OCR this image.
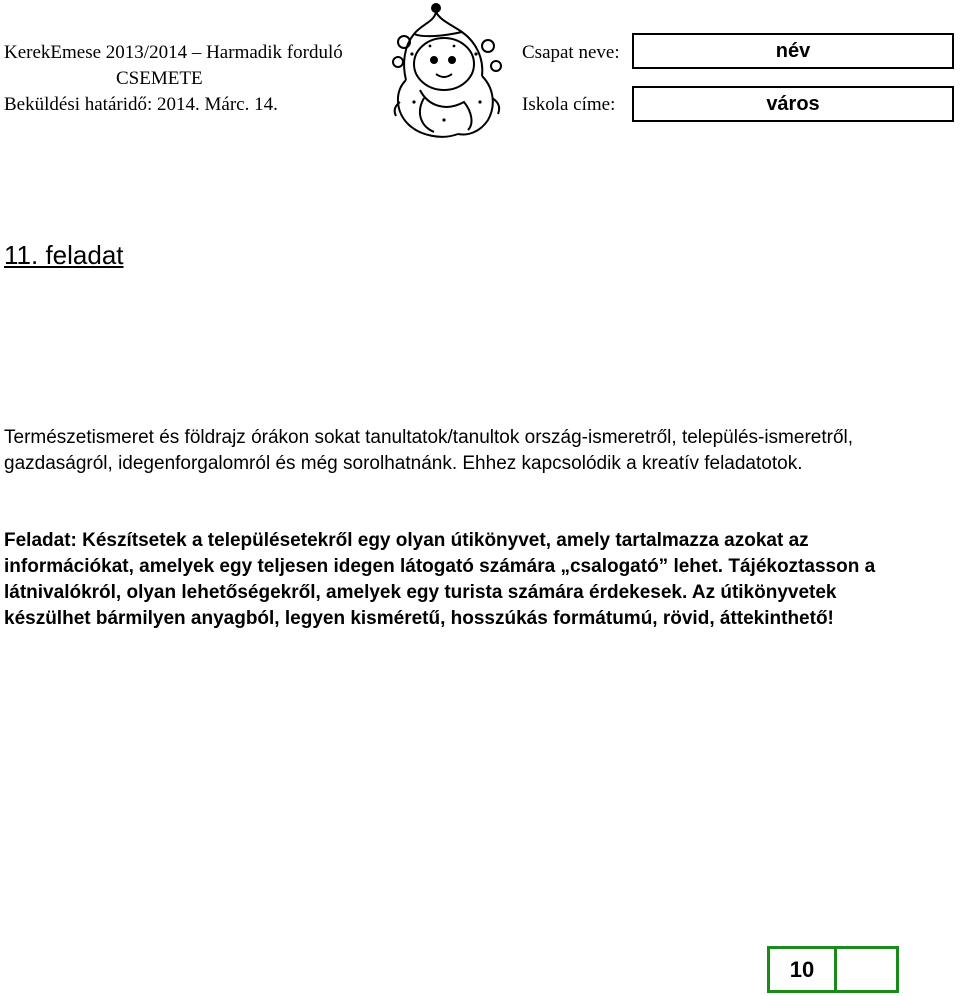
KerekEmese 2013/2014 – Harmadik forduló
CSEMETE
Beküldési határidő: 2014. Márc. 14.
Csapat neve:	név
Iskola címe:	város
11. feladat

Természetismeret és földrajz órákon sokat tanultatok/tanultok ország-ismeretről, település-ismeretről, gazdaságról, idegenforgalomról és még sorolhatnánk. Ehhez kapcsolódik a kreatív feladatotok.

Feladat: Készítsetek a településetekről egy olyan útikönyvet, amely tartalmazza azokat az információkat, amelyek egy teljesen idegen látogató számára „csalogató” lehet. Tájékoztasson a látnivalókról, olyan lehetőségekről, amelyek egy turista számára érdekesek. Az útikönyvetek készülhet bármilyen anyagból, legyen kisméretű, hosszúkás formátumú, rövid, áttekinthető!

10
